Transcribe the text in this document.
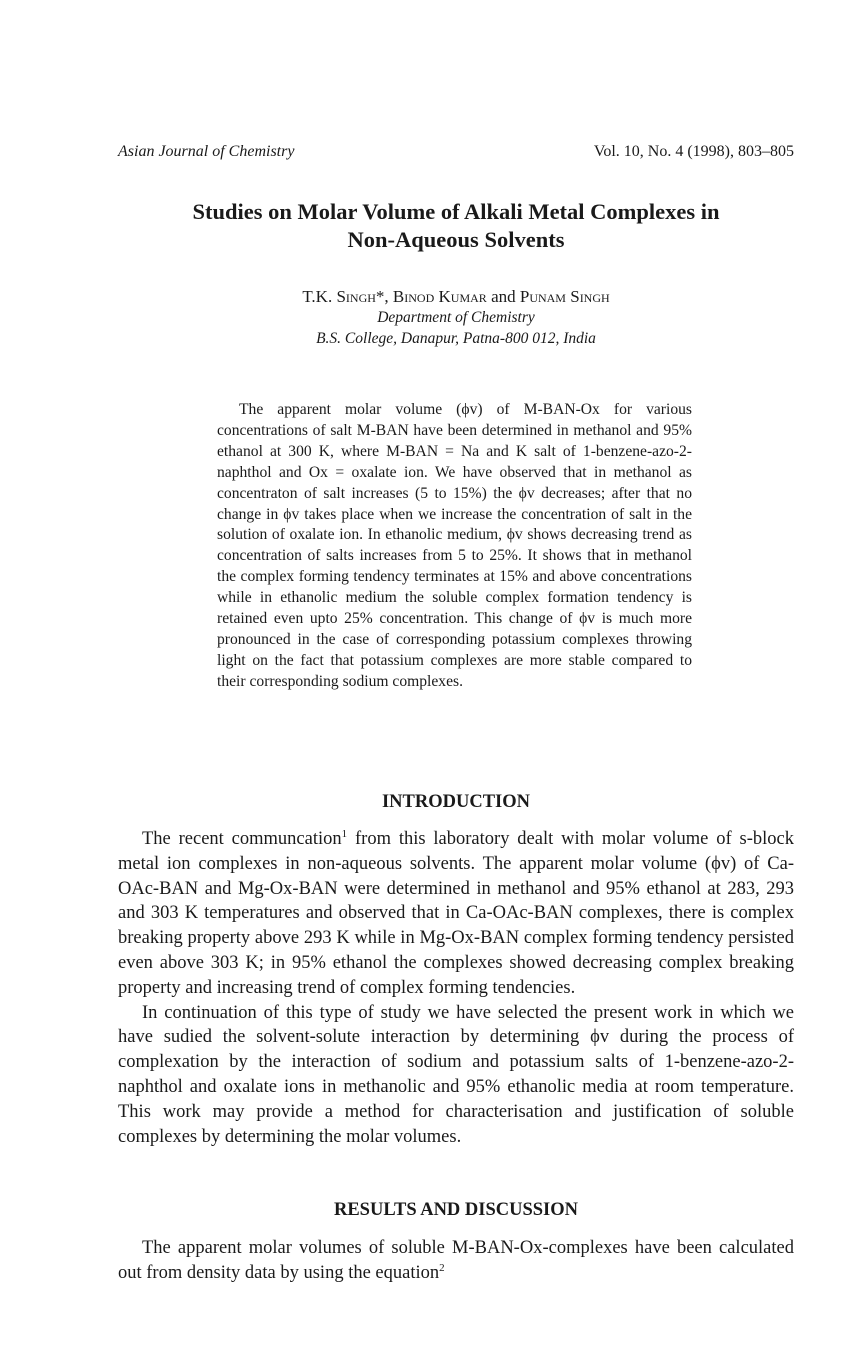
Asian Journal of Chemistry	Vol. 10, No. 4 (1998), 803–805
Studies on Molar Volume of Alkali Metal Complexes in
Non-Aqueous Solvents
T.K. Singh*, Binod Kumar and Punam Singh
Department of Chemistry
B.S. College, Danapur, Patna-800 012, India

The apparent molar volume (ϕv) of M-BAN-Ox for various concentrations of salt M-BAN have been determined in methanol and 95% ethanol at 300 K, where M-BAN = Na and K salt of 1-benzene-azo-2-naphthol and Ox = oxalate ion. We have observed that in methanol as concentraton of salt increases (5 to 15%) the ϕv decreases; after that no change in ϕv takes place when we increase the concentration of salt in the solution of oxalate ion. In ethanolic medium, ϕv shows decreasing trend as concentration of salts increases from 5 to 25%. It shows that in methanol the complex forming tendency terminates at 15% and above concentrations while in ethanolic medium the soluble complex formation tendency is retained even upto 25% concentration. This change of ϕv is much more pronounced in the case of corresponding potassium complexes throwing light on the fact that potassium complexes are more stable compared to their corresponding sodium complexes.

INTRODUCTION

The recent communcation$^1$ from this laboratory dealt with molar volume of s-block metal ion complexes in non-aqueous solvents. The apparent molar volume (ϕv) of Ca-OAc-BAN and Mg-Ox-BAN were determined in methanol and 95% ethanol at 283, 293 and 303 K temperatures and observed that in Ca-OAc-BAN complexes, there is complex breaking property above 293 K while in Mg-Ox-BAN complex forming tendency persisted even above 303 K; in 95% ethanol the complexes showed decreasing complex breaking property and increasing trend of complex forming tendencies.

In continuation of this type of study we have selected the present work in which we have sudied the solvent-solute interaction by determining ϕv during the process of complexation by the interaction of sodium and potassium salts of 1-benzene-azo-2-naphthol and oxalate ions in methanolic and 95% ethanolic media at room temperature. This work may provide a method for characterisation and justification of soluble complexes by determining the molar volumes.

RESULTS AND DISCUSSION

The apparent molar volumes of soluble M-BAN-Ox-complexes have been calculated out from density data by using the equation$^2$
